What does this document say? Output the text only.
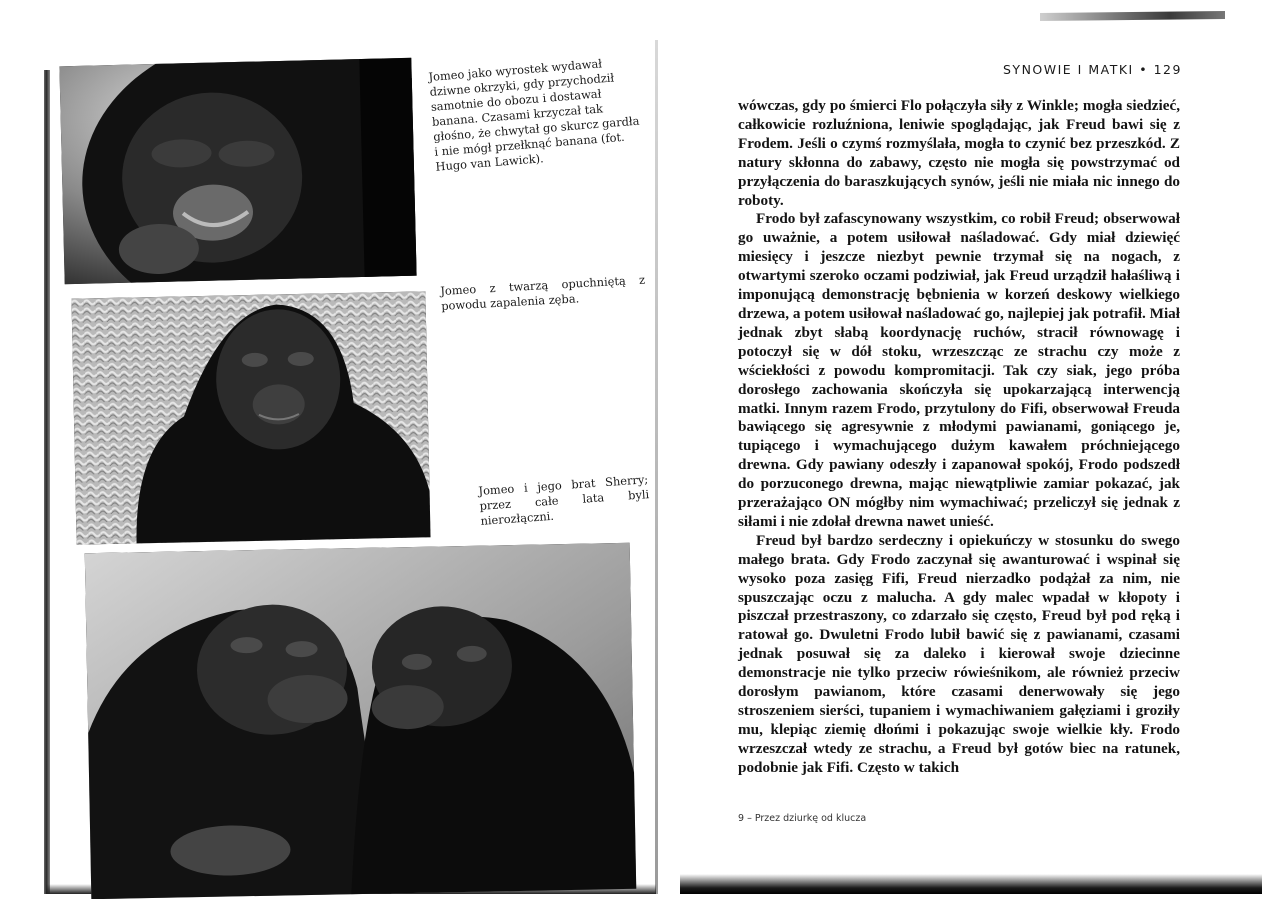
Jomeo jako wyrostek wydawał dziwne okrzyki, gdy przychodził samotnie do obozu i dostawał banana. Czasami krzyczał tak głośno, że chwytał go skurcz gardła i nie mógł przełknąć banana (fot. Hugo van Lawick).
Jomeo z twarzą opuchniętą z powodu zapalenia zęba.
Jomeo i jego brat Sherry; przez całe lata byli nierozłączni.
SYNOWIE I MATKI • 129

wówczas, gdy po śmierci Flo połączyła siły z Winkle; mogła siedzieć, całkowicie rozluźniona, leniwie spoglądając, jak Freud bawi się z Frodem. Jeśli o czymś rozmyślała, mogła to czynić bez przeszkód. Z natury skłonna do zabawy, często nie mogła się powstrzymać od przyłączenia do baraszkujących synów, jeśli nie miała nic innego do roboty.

Frodo był zafascynowany wszystkim, co robił Freud; obserwował go uważnie, a potem usiłował naśladować. Gdy miał dziewięć miesięcy i jeszcze niezbyt pewnie trzymał się na nogach, z otwartymi szeroko oczami podziwiał, jak Freud urządził hałaśliwą i imponującą demonstrację bębnienia w korzeń deskowy wielkiego drzewa, a potem usiłował naśladować go, najlepiej jak potrafił. Miał jednak zbyt słabą koordynację ruchów, stracił równowagę i potoczył się w dół stoku, wrzeszcząc ze strachu czy może z wściekłości z powodu kompromitacji. Tak czy siak, jego próba dorosłego zachowania skończyła się upokarzającą interwencją matki. Innym razem Frodo, przytulony do Fifi, obserwował Freuda bawiącego się agresywnie z młodymi pawianami, goniącego je, tupiącego i wymachującego dużym kawałem próchniejącego drewna. Gdy pawiany odeszły i zapanował spokój, Frodo podszedł do porzuconego drewna, mając niewątpliwie zamiar pokazać, jak przerażająco ON mógłby nim wymachiwać; przeliczył się jednak z siłami i nie zdołał drewna nawet unieść.

Freud był bardzo serdeczny i opiekuńczy w stosunku do swego małego brata. Gdy Frodo zaczynał się awanturować i wspinał się wysoko poza zasięg Fifi, Freud nierzadko podążał za nim, nie spuszczając oczu z malucha. A gdy malec wpadał w kłopoty i piszczał przestraszony, co zdarzało się często, Freud był pod ręką i ratował go. Dwuletni Frodo lubił bawić się z pawianami, czasami jednak posuwał się za daleko i kierował swoje dziecinne demonstracje nie tylko przeciw rówieśnikom, ale również przeciw dorosłym pawianom, które czasami denerwowały się jego stroszeniem sierści, tupaniem i wymachiwaniem gałęziami i groziły mu, klepiąc ziemię dłońmi i pokazując swoje wielkie kły. Frodo wrzeszczał wtedy ze strachu, a Freud był gotów biec na ratunek, podobnie jak Fifi. Często w takich

9 – Przez dziurkę od klucza
